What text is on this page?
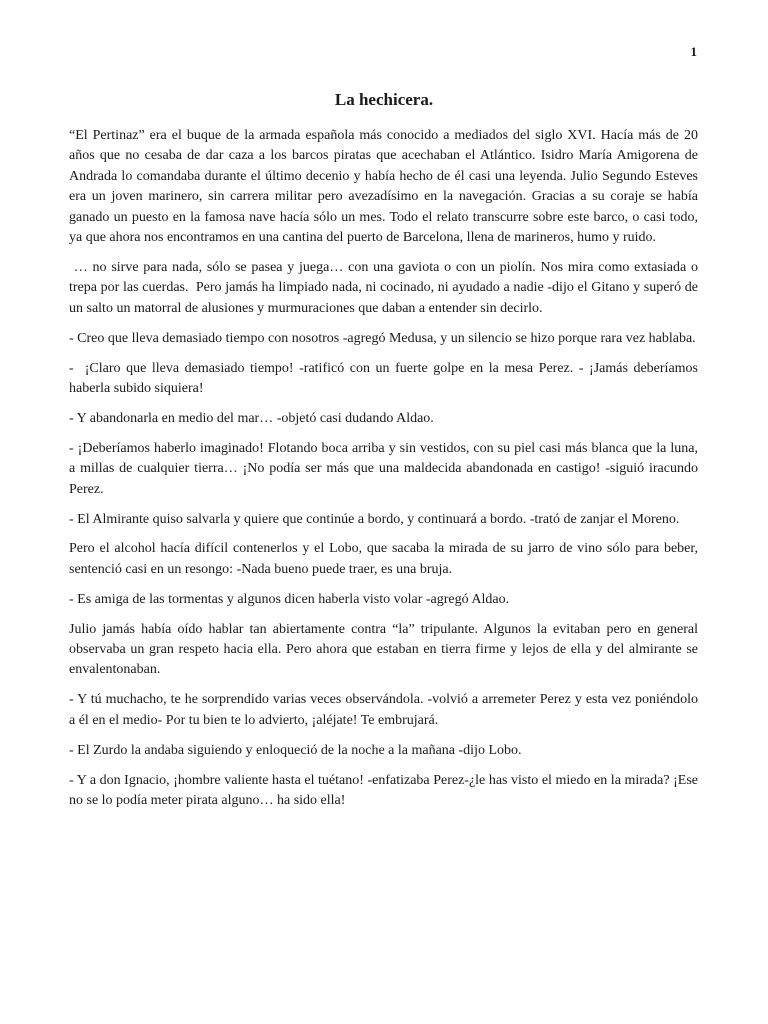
1
La hechicera.

“El Pertinaz” era el buque de la armada española más conocido a mediados del siglo XVI. Hacía más de 20 años que no cesaba de dar caza a los barcos piratas que acechaban el Atlántico. Isidro María Amigorena de Andrada lo comandaba durante el último decenio y había hecho de él casi una leyenda. Julio Segundo Esteves era un joven marinero, sin carrera militar pero avezadísimo en la navegación. Gracias a su coraje se había ganado un puesto en la famosa nave hacía sólo un mes. Todo el relato transcurre sobre este barco, o casi todo, ya que ahora nos encontramos en una cantina del puerto de Barcelona, llena de marineros, humo y ruido.

… no sirve para nada, sólo se pasea y juega… con una gaviota o con un piolín. Nos mira como extasiada o trepa por las cuerdas.  Pero jamás ha limpiado nada, ni cocinado, ni ayudado a nadie -dijo el Gitano y superó de un salto un matorral de alusiones y murmuraciones que daban a entender sin decirlo.

- Creo que lleva demasiado tiempo con nosotros -agregó Medusa, y un silencio se hizo porque rara vez hablaba.

-  ¡Claro que lleva demasiado tiempo! -ratificó con un fuerte golpe en la mesa Perez. - ¡Jamás deberíamos haberla subido siquiera!

- Y abandonarla en medio del mar… -objetó casi dudando Aldao.

- ¡Deberíamos haberlo imaginado! Flotando boca arriba y sin vestidos, con su piel casi más blanca que la luna, a millas de cualquier tierra… ¡No podía ser más que una maldecida abandonada en castigo! -siguió iracundo Perez.

- El Almirante quiso salvarla y quiere que continúe a bordo, y continuará a bordo. -trató de zanjar el Moreno.

Pero el alcohol hacía difícil contenerlos y el Lobo, que sacaba la mirada de su jarro de vino sólo para beber, sentenció casi en un resongo: -Nada bueno puede traer, es una bruja.

- Es amiga de las tormentas y algunos dicen haberla visto volar -agregó Aldao.

Julio jamás había oído hablar tan abiertamente contra “la” tripulante. Algunos la evitaban pero en general observaba un gran respeto hacia ella. Pero ahora que estaban en tierra firme y lejos de ella y del almirante se envalentonaban.

- Y tú muchacho, te he sorprendido varias veces observándola. -volvió a arremeter Perez y esta vez poniéndolo a él en el medio- Por tu bien te lo advierto, ¡aléjate! Te embrujará.

- El Zurdo la andaba siguiendo y enloqueció de la noche a la mañana -dijo Lobo.

- Y a don Ignacio, ¡hombre valiente hasta el tuétano! -enfatizaba Perez-¿le has visto el miedo en la mirada? ¡Ese no se lo podía meter pirata alguno… ha sido ella!
